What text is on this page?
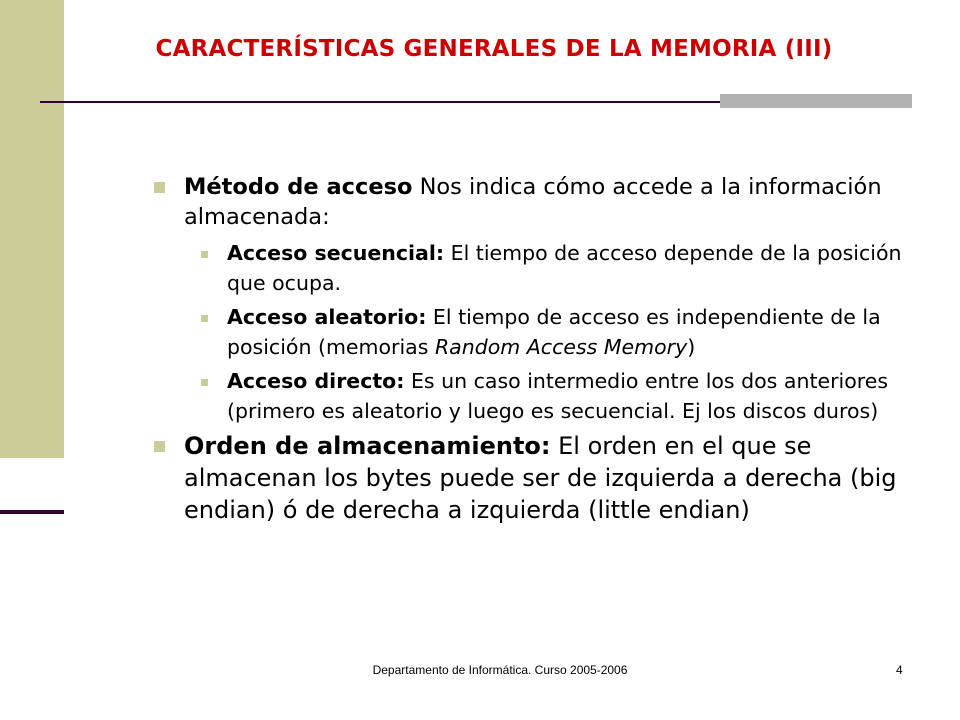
CARACTERÍSTICAS GENERALES DE LA MEMORIA (III)
Método de acceso Nos indica cómo accede a la información almacenada:
Acceso secuencial: El tiempo de acceso depende de la posición que ocupa.
Acceso aleatorio: El tiempo de acceso es independiente de la posición (memorias Random Access Memory)
Acceso directo: Es un caso intermedio entre los dos anteriores (primero es aleatorio y luego es secuencial. Ej los discos duros)
Orden de almacenamiento: El orden en el que se almacenan los bytes puede ser de izquierda a derecha (big endian) ó de derecha a izquierda (little endian)
Departamento de Informática. Curso 2005-2006	4
